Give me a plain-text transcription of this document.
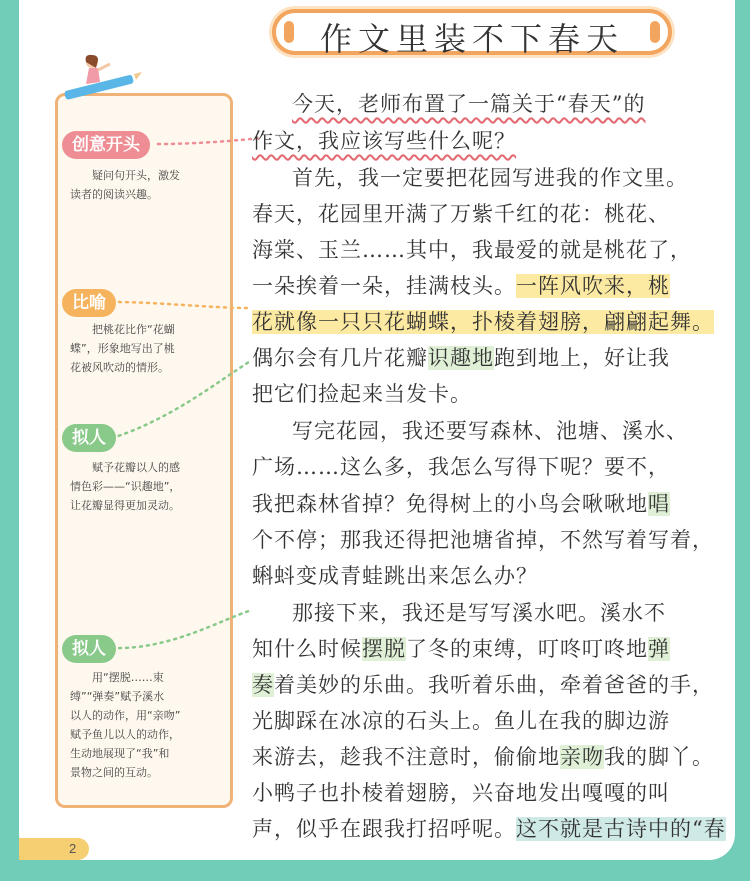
2
作文里装不下春天
创意开头
疑问句开头，激发
读者的阅读兴趣。
比喻
把桃花比作“花蝴
蝶”，形象地写出了桃
花被风吹动的情形。
拟人
赋予花瓣以人的感
情色彩——“识趣地”，
让花瓣显得更加灵动。
拟人
用“摆脱……束
缚”“弹奏”赋予溪水
以人的动作，用“亲吻”
赋予鱼儿以人的动作，
生动地展现了“我”和
景物之间的互动。
今天，老师布置了一篇关于“春天”的
作文，我应该写些什么呢？
首先，我一定要把花园写进我的作文里。
春天，花园里开满了万紫千红的花：桃花、
海棠、玉兰……其中，我最爱的就是桃花了，
一朵挨着一朵，挂满枝头。一阵风吹来，桃
花就像一只只花蝴蝶，扑棱着翅膀，翩翩起舞。
偶尔会有几片花瓣识趣地跑到地上，好让我
把它们捡起来当发卡。
写完花园，我还要写森林、池塘、溪水、
广场……这么多，我怎么写得下呢？要不，
我把森林省掉？免得树上的小鸟会啾啾地唱
个不停；那我还得把池塘省掉，不然写着写着，
蝌蚪变成青蛙跳出来怎么办？
那接下来，我还是写写溪水吧。溪水不
知什么时候摆脱了冬的束缚，叮咚叮咚地弹
奏着美妙的乐曲。我听着乐曲，牵着爸爸的手，
光脚踩在冰凉的石头上。鱼儿在我的脚边游
来游去，趁我不注意时，偷偷地亲吻我的脚丫。
小鸭子也扑棱着翅膀，兴奋地发出嘎嘎的叫
声，似乎在跟我打招呼呢。这不就是古诗中的“春
